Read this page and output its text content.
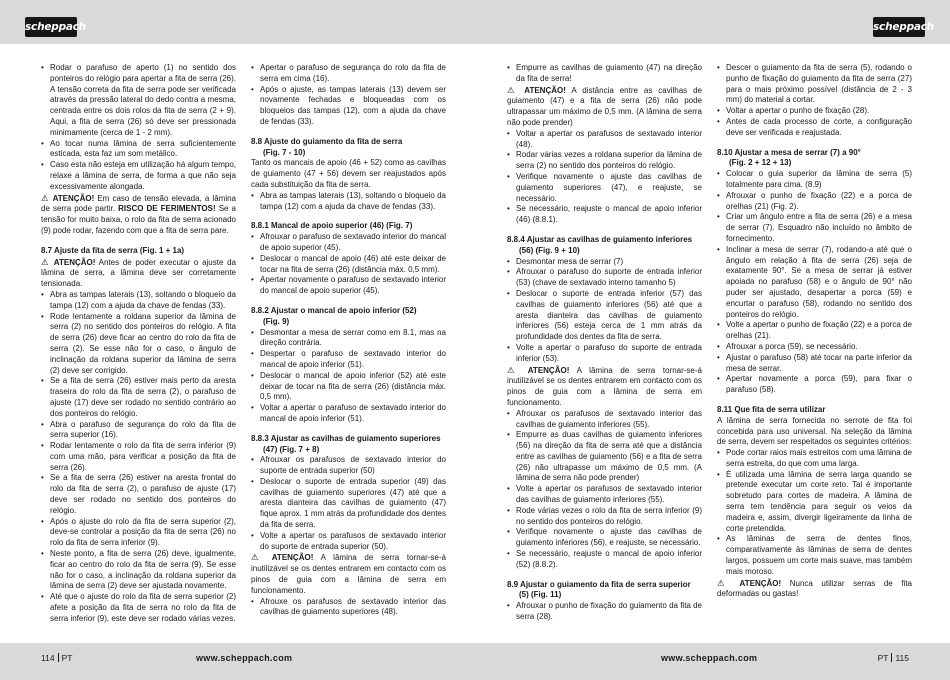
scheppach	scheppach
• Rodar o parafuso de aperto (1) no sentido dos ponteiros do relógio para apertar a fita de serra (26). A tensão correta da fita de serra pode ser verificada através da pressão lateral do dedo contra a mesma, centrada entre os dois rolos da fita de serra (2 + 9). Aqui, a fita de serra (26) só deve ser pressionada minimamente (cerca de 1 - 2 mm).
• Ao tocar numa lâmina de serra suficientemente esticada, esta faz um som metálico.
• Caso esta não esteja em utilização há algum tempo, relaxe a lâmina de serra, de forma a que não seja excessivamente alongada.

⚠ ATENÇÃO! Em caso de tensão elevada, a lâmina de serra pode partir. RISCO DE FERIMENTOS! Se a tensão for muito baixa, o rolo da fita de serra acionado (9) pode rodar, fazendo com que a fita de serra pare.

8.7 Ajuste da fita de serra (Fig. 1 + 1a)

⚠ ATENÇÃO! Antes de poder executar o ajuste da lâmina de serra, a lâmina deve ser corretamente tensionada.

• Abra as tampas laterais (13), soltando o bloqueio da tampa (12) com a ajuda da chave de fendas (33).
• Rode lentamente a roldana superior da lâmina de serra (2) no sentido dos ponteiros do relógio. A fita de serra (26) deve ficar ao centro do rolo da fita de serra (2). Se esse não for o caso, o ângulo de inclinação da roldana superior da lâmina de serra (2) deve ser corrigido.
• Se a fita de serra (26) estiver mais perto da aresta traseira do rolo da fita de serra (2), o parafuso de ajuste (17) deve ser rodado no sentido contrário ao dos ponteiros do relógio.
• Abra o parafuso de segurança do rolo da fita de serra superior (16).
• Rodar lentamente o rolo da fita de serra inferior (9) com uma mão, para verificar a posição da fita de serra (26).
• Se a fita de serra (26) estiver na aresta frontal do rolo da fita de serra (2), o parafuso de ajuste (17) deve ser rodado no sentido dos ponteiros do relógio.
• Após o ajuste do rolo da fita de serra superior (2), deve-se controlar a posição da fita de serra (26) no rolo da fita de serra inferior (9).
• Neste ponto, a fita de serra (26) deve, igualmente, ficar ao centro do rolo da fita de serra (9). Se esse não for o caso, a inclinação da roldana superior da lâmina de serra (2) deve ser ajustada novamente.
• Até que o ajuste do rolo da fita de serra superior (2) afete a posição da fita de serra no rolo da fita de serra inferior (9), este deve ser rodado várias vezes.
• Apertar o parafuso de segurança do rolo da fita de serra em cima (16).
• Após o ajuste, as tampas laterais (13) devem ser novamente fechadas e bloqueadas com os bloqueios das tampas (12), com a ajuda da chave de fendas (33).

8.8 Ajuste do guiamento da fita de serra

(Fig. 7 - 10)

Tanto os mancais de apoio (46 + 52) como as cavilhas de guiamento (47 + 56) devem ser reajustados após cada substituição da fita de serra.

• Abra as tampas laterais (13), soltando o bloqueio da tampa (12) com a ajuda da chave de fendas (33).

8.8.1 Mancal de apoio superior (46) (Fig. 7)

• Afrouxar o parafuso de sextavado interior do mancal de apoio superior (45).
• Deslocar o mancal de apoio (46) até este deixar de tocar na fita de serra (26) (distância máx. 0,5 mm).
• Apertar novamente o parafuso de sextavado interior do mancal de apoio superior (45).

8.8.2 Ajustar o mancal de apoio inferior (52)

(Fig. 9)

• Desmontar a mesa de serrar como em 8.1, mas na direção contrária.
• Despertar o parafuso de sextavado interior do mancal de apoio inferior (51).
• Deslocar o mancal de apoio inferior (52) até este deixar de tocar na fita de serra (26) (distância máx. 0,5 mm).
• Voltar a apertar o parafuso de sextavado interior do mancal de apoio inferior (51).

8.8.3 Ajustar as cavilhas de guiamento superiores

(47) (Fig. 7 + 8)

• Afrouxar os parafusos de sextavado interior do suporte de entrada superior (50)
• Deslocar o suporte de entrada superior (49) das cavilhas de guiamento superiores (47) até que a aresta dianteira das cavilhas de guiamento (47) fique aprox. 1 mm atrás da profundidade dos dentes da fita de serra.
• Volte a apertar os parafusos de sextavado interior do suporte de entrada superior (50).

⚠ ATENÇÃO! A lâmina de serra tornar-se-á inutilizável se os dentes entrarem em contacto com os pinos de guia com a lâmina de serra em funcionamento.

• Afrouxe os parafusos de sextavado interior das cavilhas de guiamento superiores (48).
• Empurre as cavilhas de guiamento (47) na direção da fita de serra!

⚠ ATENÇÃO! A distância entre as cavilhas de guiamento (47) e a fita de serra (26) não pode ultrapassar um máximo de 0,5 mm. (A lâmina de serra não pode prender)

• Voltar a apertar os parafusos de sextavado interior (48).
• Rodar várias vezes a roldana superior da lâmina de serra (2) no sentido dos ponteiros do relógio.
• Verifique novamente o ajuste das cavilhas de guiamento superiores (47), e reajuste, se necessário.
• Se necessário, reajuste o mancal de apoio inferior (46) (8.8.1).

8.8.4 Ajustar as cavilhas de guiamento inferiores

(56) (Fig. 9 + 10)

• Desmontar mesa de serrar (7)
• Afrouxar o parafuso do suporte de entrada inferior (53) (chave de sextavado interno tamanho 5)
• Deslocar o suporte de entrada inferior (57) das cavilhas de guiamento inferiores (56) até que a aresta dianteira das cavilhas de guiamento inferiores (56) esteja cerca de 1 mm atrás da profundidade dos dentes da fita de serra.
• Volte a apertar o parafuso do suporte de entrada inferior (53).

⚠ ATENÇÃO! A lâmina de serra tornar-se-á inutilizável se os dentes entrarem em contacto com os pinos de guia com a lâmina de serra em funcionamento.

• Afrouxar os parafusos de sextavado interior das cavilhas de guiamento inferiores (55).
• Empurre as duas cavilhas de guiamento inferiores (56) na direção da fita de serra até que a distância entre as cavilhas de guiamento (56) e a fita de serra (26) não ultrapasse um máximo de 0,5 mm. (A lâmina de serra não pode prender)
• Volte a apertar os parafusos de sextavado interior das cavilhas de guiamento inferiores (55).
• Rode várias vezes o rolo da fita de serra inferior (9) no sentido dos ponteiros do relógio.
• Verifique novamente o ajuste das cavilhas de guiamento inferiores (56), e reajuste, se necessário.
• Se necessário, reajuste o mancal de apoio inferior (52) (8.8.2).

8.9 Ajustar o guiamento da fita de serra superior

(5) (Fig. 11)

• Afrouxar o punho de fixação do guiamento da fita de serra (28).
• Descer o guiamento da fita de serra (5), rodando o punho de fixação do guiamento da fita de serra (27) para o mais próximo possível (distância de 2 - 3 mm) do material a cortar.
• Voltar a apertar o punho de fixação (28).
• Antes de cada processo de corte, a configuração deve ser verificada e reajustada.

8.10 Ajustar a mesa de serrar (7) a 90°

(Fig. 2 + 12 + 13)

• Colocar o guia superior da lâmina de serra (5) totalmente para cima. (8.9)
• Afrouxar o punho de fixação (22) e a porca de orelhas (21) (Fig. 2).
• Criar um ângulo entre a fita de serra (26) e a mesa de serrar (7). Esquadro não incluído no âmbito de fornecimento.
• Inclinar a mesa de serrar (7), rodando-a até que o ângulo em relação à fita de serra (26) seja de exatamente 90°. Se a mesa de serrar já estiver apoiada no parafuso (58) e o ângulo de 90° não puder ser ajustado, desapertar a porca (59) e encurtar o parafuso (58), rodando no sentido dos ponteiros do relógio.
• Volte a apertar o punho de fixação (22) e a porca de orelhas (21).
• Afrouxar a porca (59), se necessário.
• Ajustar o parafuso (58) até tocar na parte inferior da mesa de serrar.
• Apertar novamente a porca (59), para fixar o parafuso (58).

8.11 Que fita de serra utilizar

A lâmina de serra fornecida no serrote de fita foi concebida para uso universal. Na seleção da lâmina de serra, devem ser respeitados os seguintes critérios:

• Pode cortar raios mais estreitos com uma lâmina de serra estreita, do que com uma larga.
• É utilizada uma lâmina de serra larga quando se pretende executar um corte reto. Tal é importante sobretudo para cortes de madeira. A lâmina de serra tem tendência para seguir os veios da madeira e, assim, divergir ligeiramente da linha de corte pretendida.
• As lâminas de serra de dentes finos, comparativamente às lâminas de serra de dentes largos, possuem um corte mais suave, mas também mais moroso.

⚠ ATENÇÃO! Nunca utilizar serras de fita deformadas ou gastas!

114 PT	www.scheppach.com	www.scheppach.com	PT 115
